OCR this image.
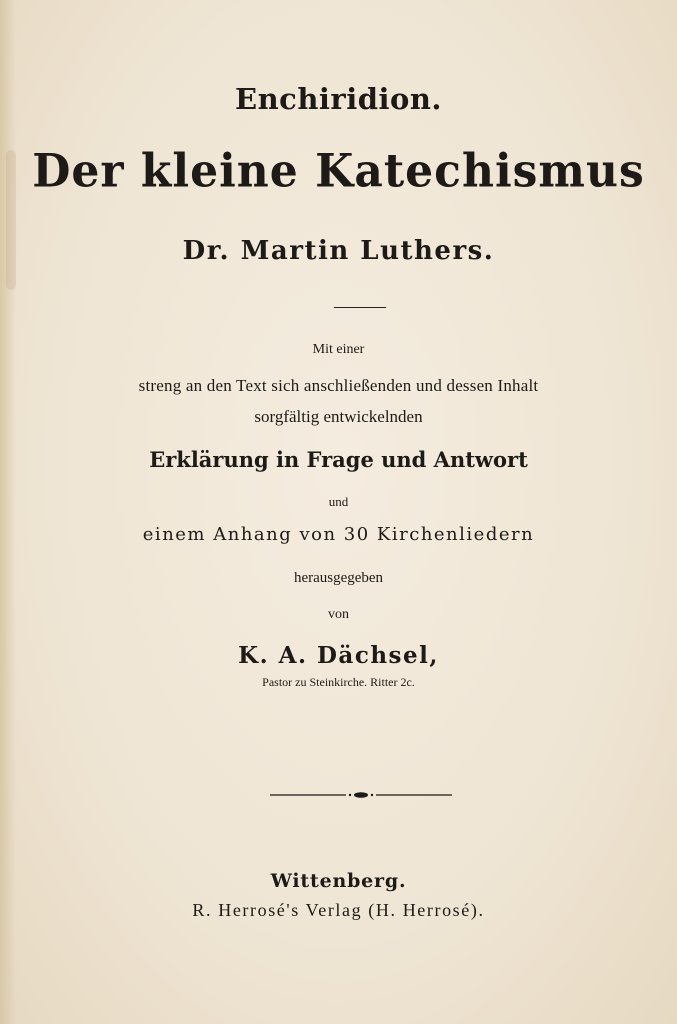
Enchiridion.
Der kleine Katechismus
Dr. Martin Luthers.
Mit einer
streng an den Text sich anschließenden und dessen Inhalt
sorgfältig entwickelnden
Erklärung in Frage und Antwort
und
einem Anhang von 30 Kirchenliedern
herausgegeben
von
K. A. Dächsel,
Pastor zu Steinkirche. Ritter 2c.
Wittenberg.
R. Herrosé's Verlag (H. Herrosé).
